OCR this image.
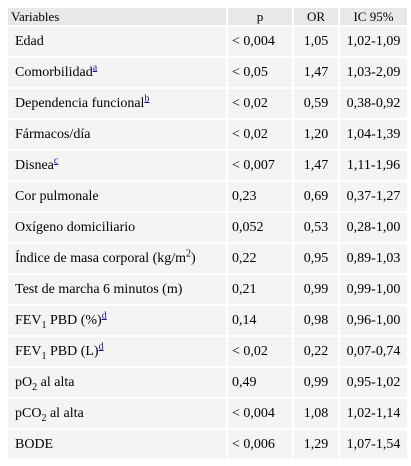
Variables	p	OR	IC 95%
Edad	< 0,004	1,05	1,02-1,09
Comorbilidad$^a$	< 0,05	1,47	1,03-2,09
Dependencia funcional$^b$	< 0,02	0,59	0,38-0,92
Fármacos/día	< 0,02	1,20	1,04-1,39
Disnea$^c$	< 0,007	1,47	1,11-1,96
Cor pulmonale	0,23	0,69	0,37-1,27
Oxígeno domiciliario	0,052	0,53	0,28-1,00
Índice de masa corporal $(kg/m^2)$	0,22	0,95	0,89-1,03
Test de marcha 6 minutos (m)	0,21	0,99	0,99-1,00
$FEV_1$ PBD (%)$^d$	0,14	0,98	0,96-1,00
$FEV_1$ PBD (L)$^d$	< 0,02	0,22	0,07-0,74
$pO_2$ al alta	0,49	0,99	0,95-1,02
pCO$_2$ al alta	< 0,004	1,08	1,02-1,14
BODE	< 0,006	1,29	1,07-1,54
